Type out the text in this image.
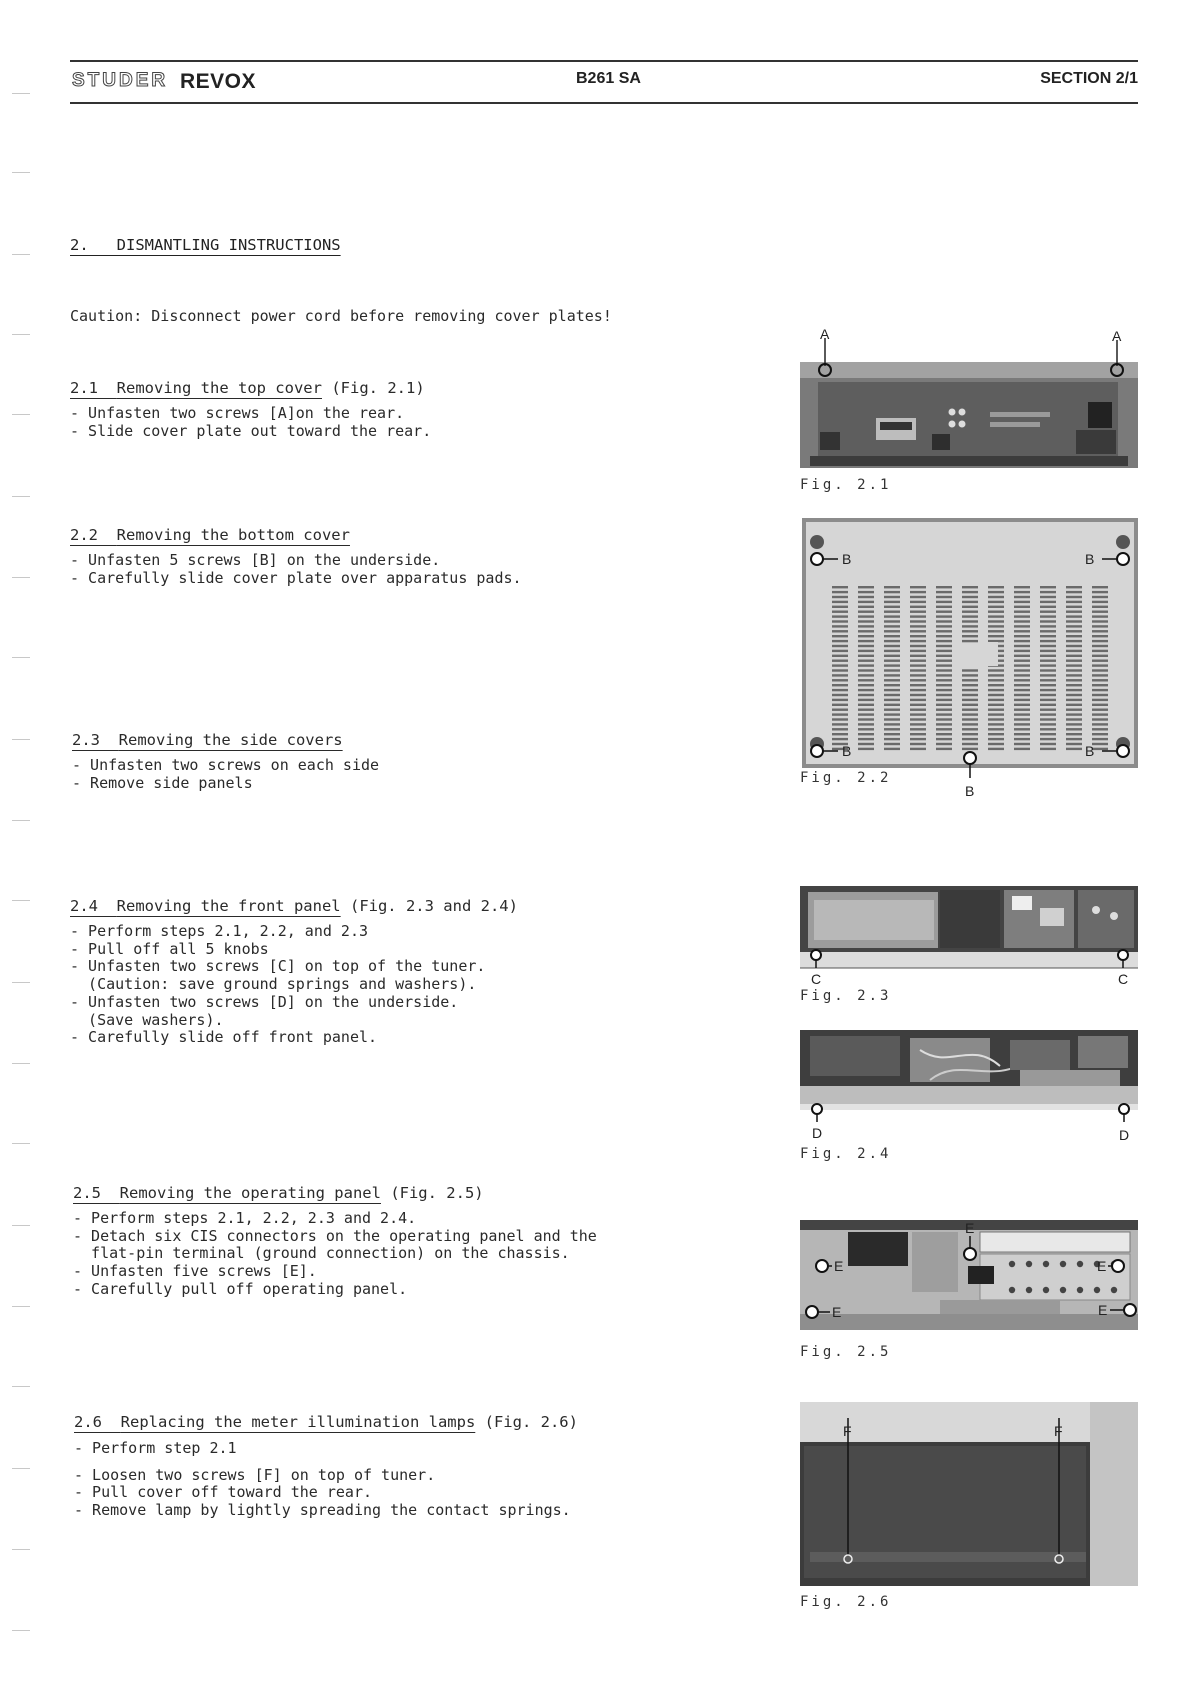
STUDER REVOX	B261 SA	SECTION 2/1
2.   DISMANTLING INSTRUCTIONS
Caution: Disconnect power cord before removing cover plates!
2.1 Removing the top cover (Fig. 2.1)
- Unfasten two screws [A]on the rear.
- Slide cover plate out toward the rear.
2.2 Removing the bottom cover
- Unfasten 5 screws [B] on the underside.
- Carefully slide cover plate over apparatus pads.
2.3 Removing the side covers
- Unfasten two screws on each side
- Remove side panels
2.4 Removing the front panel (Fig. 2.3 and 2.4)
- Perform steps 2.1, 2.2, and 2.3
- Pull off all 5 knobs
- Unfasten two screws [C] on top of the tuner.
(Caution: save ground springs and washers).
- Unfasten two screws [D] on the underside.
(Save washers).
- Carefully slide off front panel.
2.5 Removing the operating panel (Fig. 2.5)
- Perform steps 2.1, 2.2, 2.3 and 2.4.
- Detach six CIS connectors on the operating panel and the
flat-pin terminal (ground connection) on the chassis.
- Unfasten five screws [E].
- Carefully pull off operating panel.
2.6 Replacing the meter illumination lamps (Fig. 2.6)
- Perform step 2.1
- Loosen two screws [F] on top of tuner.
- Pull cover off toward the rear.
- Remove lamp by lightly spreading the contact springs.
A	A
Fig. 2.1
B	B
B	B
B
Fig. 2.2
C	C
Fig. 2.3
D	D
Fig. 2.4
E
E	E
E	E
Fig. 2.5
F	F
Fig. 2.6
